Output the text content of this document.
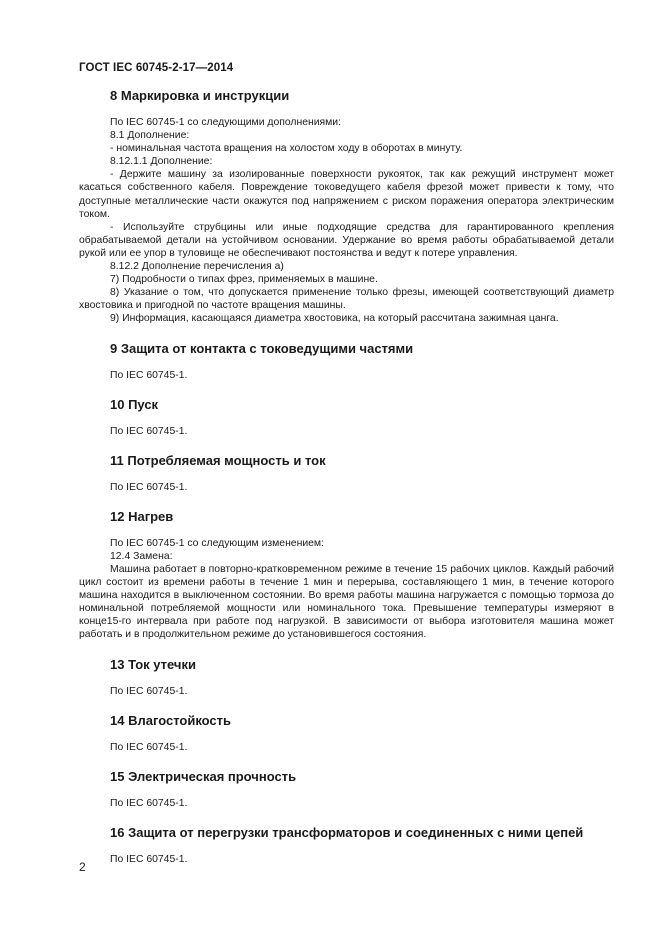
ГОСТ IEC 60745-2-17—2014
8 Маркировка и инструкции

По IEC 60745-1 со следующими дополнениями:

8.1 Дополнение:

- номинальная частота вращения на холостом ходу в оборотах в минуту.

8.12.1.1 Дополнение:

- Держите машину за изолированные поверхности рукояток, так как режущий инструмент может касаться собственного кабеля. Повреждение токоведущего кабеля фрезой может привести к тому, что доступные металлические части окажутся под напряжением с риском поражения оператора электрическим током.

- Используйте струбцины или иные подходящие средства для гарантированного крепления обрабатываемой детали на устойчивом основании. Удержание во время работы обрабатываемой детали рукой или ее упор в туловище не обеспечивают постоянства и ведут к потере управления.

8.12.2 Дополнение перечисления а)

7) Подробности о типах фрез, применяемых в машине.

8) Указание о том, что допускается применение только фрезы, имеющей соответствующий диаметр хвостовика и пригодной по частоте вращения машины.

9) Информация, касающаяся диаметра хвостовика, на который рассчитана зажимная цанга.

9 Защита от контакта с токоведущими частями

По IEC 60745-1.

10 Пуск

По IEC 60745-1.

11 Потребляемая мощность и ток

По IEC 60745-1.

12 Нагрев

По IEC 60745-1 со следующим изменением:

12.4 Замена:

Машина работает в повторно-кратковременном режиме в течение 15 рабочих циклов. Каждый рабочий цикл состоит из времени работы в течение 1 мин и перерыва, составляющего 1 мин, в течение которого машина находится в выключенном состоянии. Во время работы машина нагружается с помощью тормоза до номинальной потребляемой мощности или номинального тока. Превышение температуры измеряют в конце15-го интервала при работе под нагрузкой. В зависимости от выбора изготовителя машина может работать и в продолжительном режиме до установившегося состояния.

13 Ток утечки

По IEC 60745-1.

14 Влагостойкость

По IEC 60745-1.

15 Электрическая прочность

По IEC 60745-1.

16 Защита от перегрузки трансформаторов и соединенных с ними цепей

По IEC 60745-1.

2
